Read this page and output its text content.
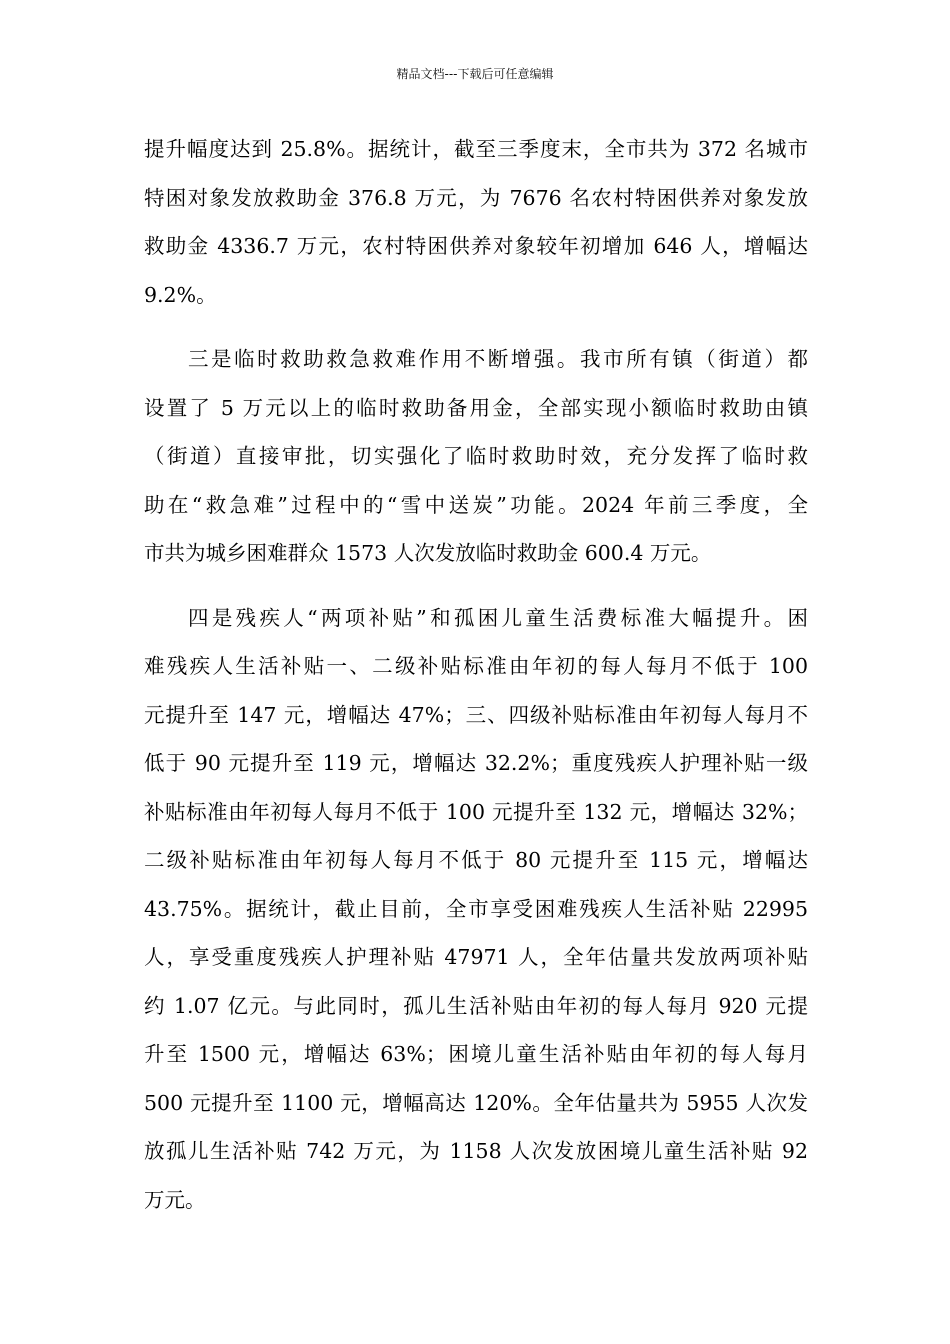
精品文档---下载后可任意编辑
提升幅度达到 25.8%。据统计，截至三季度末，全市共为 372 名城市
特困对象发放救助金 376.8 万元，为 7676 名农村特困供养对象发放
救助金 4336.7 万元，农村特困供养对象较年初增加 646 人，增幅达
9.2%。
三是临时救助救急救难作用不断增强。我市所有镇（街道）都
设置了 5 万元以上的临时救助备用金，全部实现小额临时救助由镇
（街道）直接审批，切实强化了临时救助时效，充分发挥了临时救
助在“救急难”过程中的“雪中送炭”功能。2024 年前三季度，全
市共为城乡困难群众 1573 人次发放临时救助金 600.4 万元。
四是残疾人“两项补贴”和孤困儿童生活费标准大幅提升。困
难残疾人生活补贴一、二级补贴标准由年初的每人每月不低于 100
元提升至 147 元，增幅达 47%；三、四级补贴标准由年初每人每月不
低于 90 元提升至 119 元，增幅达 32.2%；重度残疾人护理补贴一级
补贴标准由年初每人每月不低于 100 元提升至 132 元，增幅达 32%；
二级补贴标准由年初每人每月不低于 80 元提升至 115 元，增幅达
43.75%。据统计，截止目前，全市享受困难残疾人生活补贴 22995
人，享受重度残疾人护理补贴 47971 人，全年估量共发放两项补贴
约 1.07 亿元。与此同时，孤儿生活补贴由年初的每人每月 920 元提
升至 1500 元，增幅达 63%；困境儿童生活补贴由年初的每人每月
500 元提升至 1100 元，增幅高达 120%。全年估量共为 5955 人次发
放孤儿生活补贴 742 万元，为 1158 人次发放困境儿童生活补贴 92
万元。
